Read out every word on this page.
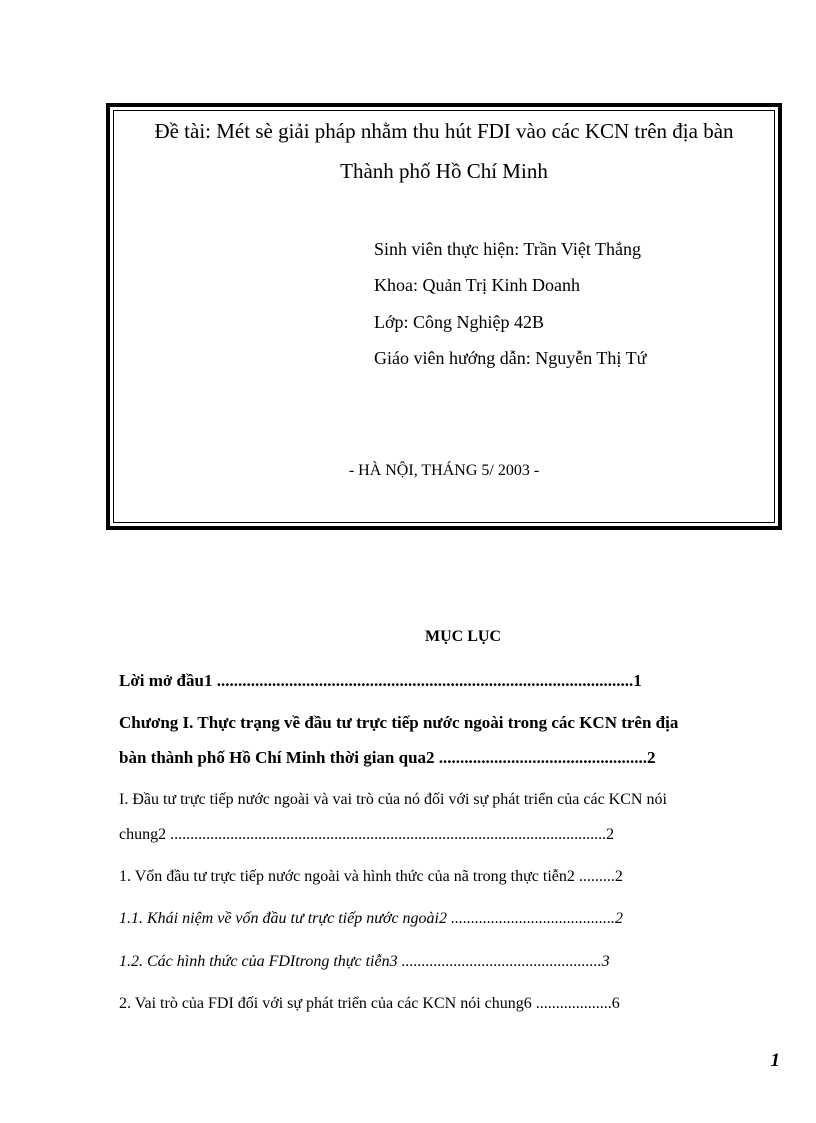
Đề tài: Mét sè giải pháp nhằm thu hút FDI vào các KCN trên địa bàn
Thành phố Hồ Chí Minh
Sinh viên thực hiện: Trần Việt Thắng
Khoa: Quản Trị Kinh Doanh
Lớp: Công Nghiệp 42B
Giáo viên hướng dẫn: Nguyễn Thị Tứ
- HÀ NỘI, THÁNG 5/ 2003 -
MỤC LỤC
Lời mở đầu1 ..................................................................................................1
Chương I. Thực trạng về đầu tư trực tiếp nước ngoài trong các KCN trên địa
bàn thành phố Hồ Chí Minh thời gian qua2 .................................................2
I. Đầu tư trực tiếp nước ngoài và vai trò của nó đối với sự phát triển của các KCN nói
chung2 .............................................................................................................2
1. Vốn đầu tư trực tiếp nước ngoài và hình thức của nã trong thực tiễn2 .........2
1.1. Khái niệm về vốn đầu tư trực tiếp nước ngoài2 .........................................2
1.2. Các hình thức của FDItrong thực tiễn3 ..................................................3
2. Vai trò của FDI đối với sự phát triển của các KCN nói chung6 ...................6
1
